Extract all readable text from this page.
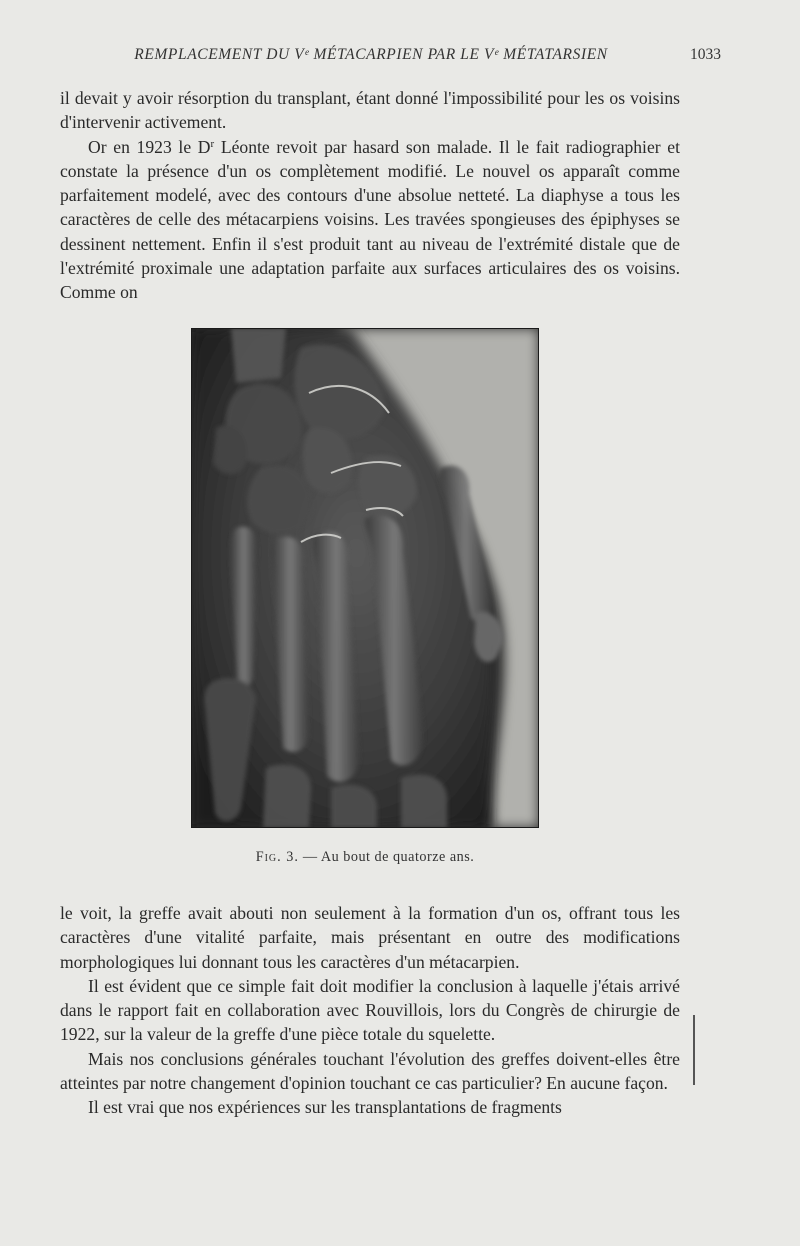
REMPLACEMENT DU Vᵉ MÉTACARPIEN PAR LE Vᵉ MÉTATARSIEN	1033

il devait y avoir résorption du transplant, étant donné l'impossibilité pour les os voisins d'intervenir activement.

Or en 1923 le $D^r$ Léonte revoit par hasard son malade. Il le fait radiographier et constate la présence d'un os complètement modifié. Le nouvel os apparaît comme parfaitement modelé, avec des contours d'une absolue netteté. La diaphyse a tous les caractères de celle des métacarpiens voisins. Les travées spongieuses des épiphyses se dessinent nettement. Enfin il s'est produit tant au niveau de l'extrémité distale que de l'extrémité proximale une adaptation parfaite aux surfaces articulaires des os voisins. Comme on

Fig. 3. — Au bout de quatorze ans.

le voit, la greffe avait abouti non seulement à la formation d'un os, offrant tous les caractères d'une vitalité parfaite, mais présentant en outre des modifications morphologiques lui donnant tous les caractères d'un métacarpien.

Il est évident que ce simple fait doit modifier la conclusion à laquelle j'étais arrivé dans le rapport fait en collaboration avec Rouvillois, lors du Congrès de chirurgie de 1922, sur la valeur de la greffe d'une pièce totale du squelette.

Mais nos conclusions générales touchant l'évolution des greffes doivent-elles être atteintes par notre changement d'opinion touchant ce cas particulier? En aucune façon.

Il est vrai que nos expériences sur les transplantations de fragments
